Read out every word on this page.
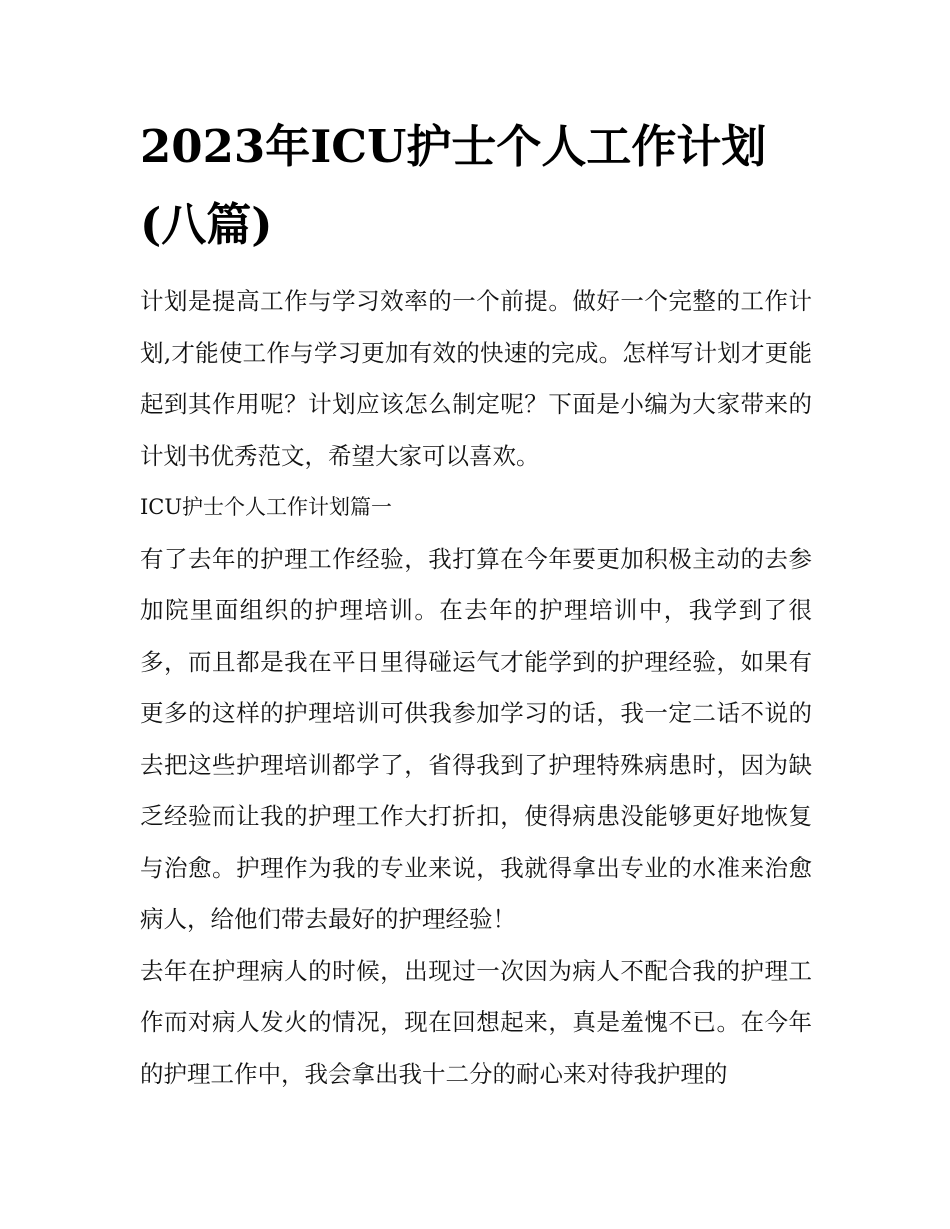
2023年ICU护士个人工作计划(八篇)

计划是提高工作与学习效率的一个前提。做好一个完整的工作计划,才能使工作与学习更加有效的快速的完成。怎样写计划才更能起到其作用呢？计划应该怎么制定呢？下面是小编为大家带来的计划书优秀范文，希望大家可以喜欢。

ICU护士个人工作计划篇一

有了去年的护理工作经验，我打算在今年要更加积极主动的去参加院里面组织的护理培训。在去年的护理培训中，我学到了很多，而且都是我在平日里得碰运气才能学到的护理经验，如果有更多的这样的护理培训可供我参加学习的话，我一定二话不说的去把这些护理培训都学了，省得我到了护理特殊病患时，因为缺乏经验而让我的护理工作大打折扣，使得病患没能够更好地恢复与治愈。护理作为我的专业来说，我就得拿出专业的水准来治愈病人，给他们带去最好的护理经验！

去年在护理病人的时候，出现过一次因为病人不配合我的护理工作而对病人发火的情况，现在回想起来，真是羞愧不已。在今年的护理工作中，我会拿出我十二分的耐心来对待我护理的
